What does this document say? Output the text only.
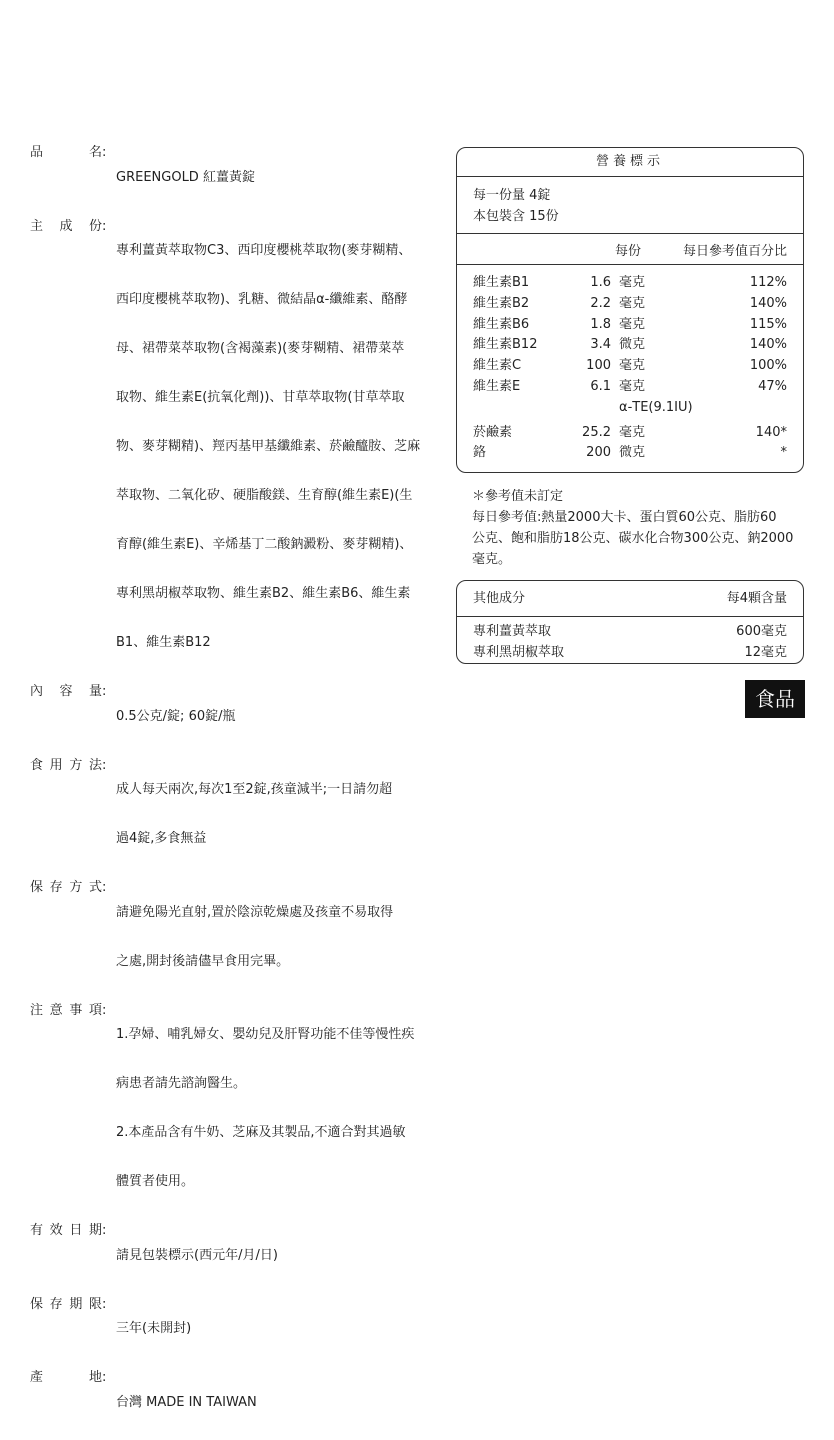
品名 :

GREENGOLD 紅薑黃錠

主成份 :

專利薑黃萃取物C3、西印度櫻桃萃取物(麥芽糊精、

西印度櫻桃萃取物)、乳糖、微結晶α-纖維素、酪酵

母、裙帶菜萃取物(含褐藻素)(麥芽糊精、裙帶菜萃

取物、維生素E(抗氧化劑))、甘草萃取物(甘草萃取

物、麥芽糊精)、羥丙基甲基纖維素、菸鹼醯胺、芝麻

萃取物、二氧化矽、硬脂酸鎂、生育醇(維生素E)(生

育醇(維生素E)、辛烯基丁二酸鈉澱粉、麥芽糊精)、

專利黑胡椒萃取物、維生素B2、維生素B6、維生素

B1、維生素B12

內容量 :

0.5公克/錠; 60錠/瓶

食用方法 :

成人每天兩次,每次1至2錠,孩童減半;一日請勿超

過4錠,多食無益

保存方式 :

請避免陽光直射,置於陰涼乾燥處及孩童不易取得

之處,開封後請儘早食用完畢。

注意事項 :

1.孕婦、哺乳婦女、嬰幼兒及肝腎功能不佳等慢性疾

病患者請先諮詢醫生。

2.本產品含有牛奶、芝麻及其製品,不適合對其過敏

體質者使用。

有效日期 :

請見包裝標示(西元年/月/日)

保存期限 :

三年(未開封)

產地 :

台灣 MADE IN TAIWAN

營養標示
每一份量 4錠
本包裝含 15份
每份	每日參考值百分比
維生素B1	1.6 毫克	112%
維生素B2	2.2 毫克	140%
維生素B6	1.8 毫克	115%
維生素B12	3.4 微克	140%
維生素C	100 毫克	100%
維生素E	6.1 毫克	47%
α-TE(9.1IU)
菸鹼素	25.2 毫克	140*
鉻	200 微克	*

＊參考值未訂定

每日參考值:熱量2000大卡、蛋白質60公克、脂肪60

公克、飽和脂肪18公克、碳水化合物300公克、鈉2000

毫克。

其他成分	每4顆含量
專利薑黃萃取	600毫克
專利黑胡椒萃取	12毫克
食品
